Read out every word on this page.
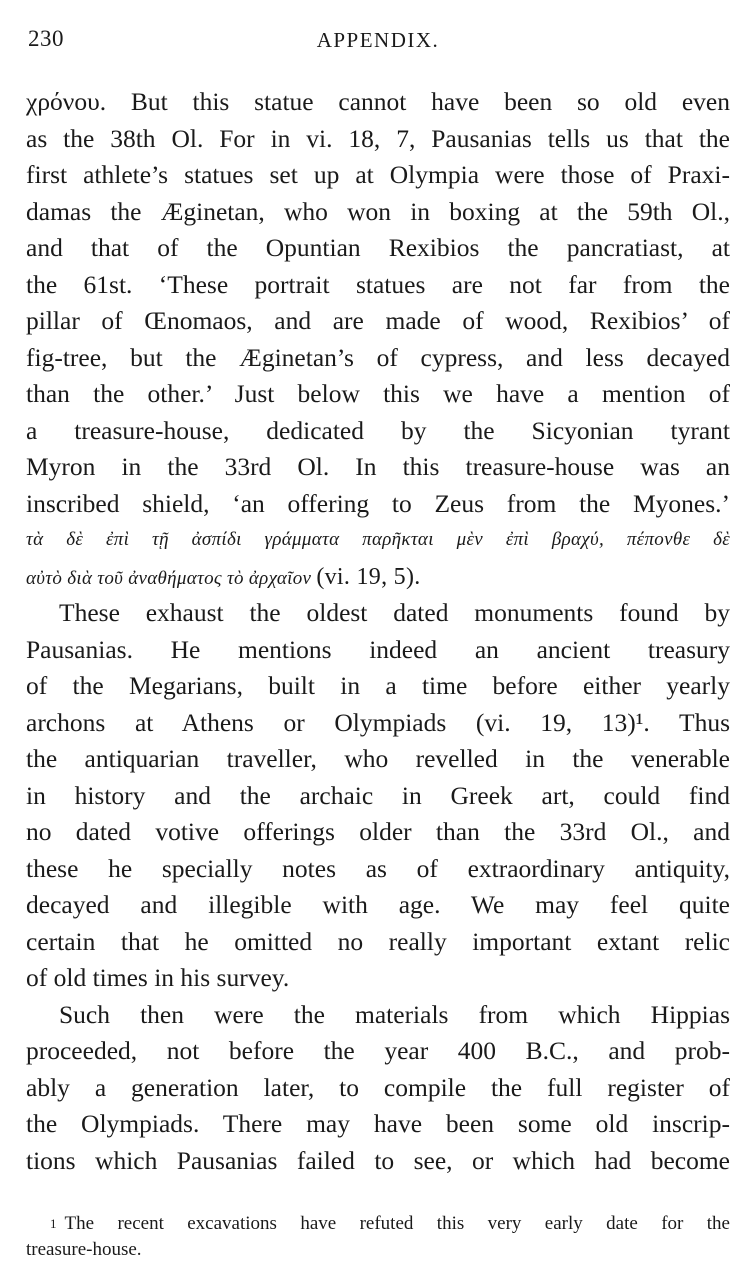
230	APPENDIX.
χρόνου. But this statue cannot have been so old even
as the 38th Ol. For in vi. 18, 7, Pausanias tells us that the
first athlete’s statues set up at Olympia were those of Praxi-
damas the Æginetan, who won in boxing at the 59th Ol.,
and that of the Opuntian Rexibios the pancratiast, at
the 61st. ‘These portrait statues are not far from the
pillar of Œnomaos, and are made of wood, Rexibios’ of
fig-tree, but the Æginetan’s of cypress, and less decayed
than the other.’ Just below this we have a mention of
a treasure-house, dedicated by the Sicyonian tyrant
Myron in the 33rd Ol. In this treasure-house was an
inscribed shield, ‘an offering to Zeus from the Myones.’
τὰ δὲ ἐπὶ τῇ ἀσπίδι γράμματα παρῆκται μὲν ἐπὶ βραχύ, πέπονθε δὲ
αὐτὸ διὰ τοῦ ἀναθήματος τὸ ἀρχαῖον (vi. 19, 5).
These exhaust the oldest dated monuments found by
Pausanias. He mentions indeed an ancient treasury
of the Megarians, built in a time before either yearly
archons at Athens or Olympiads (vi. 19, 13)¹. Thus
the antiquarian traveller, who revelled in the venerable
in history and the archaic in Greek art, could find
no dated votive offerings older than the 33rd Ol., and
these he specially notes as of extraordinary antiquity,
decayed and illegible with age. We may feel quite
certain that he omitted no really important extant relic
of old times in his survey.
Such then were the materials from which Hippias
proceeded, not before the year 400 B.C., and prob-
ably a generation later, to compile the full register of
the Olympiads. There may have been some old inscrip-
tions which Pausanias failed to see, or which had become
$^1$ The recent excavations have refuted this very early date for the
treasure-house.
